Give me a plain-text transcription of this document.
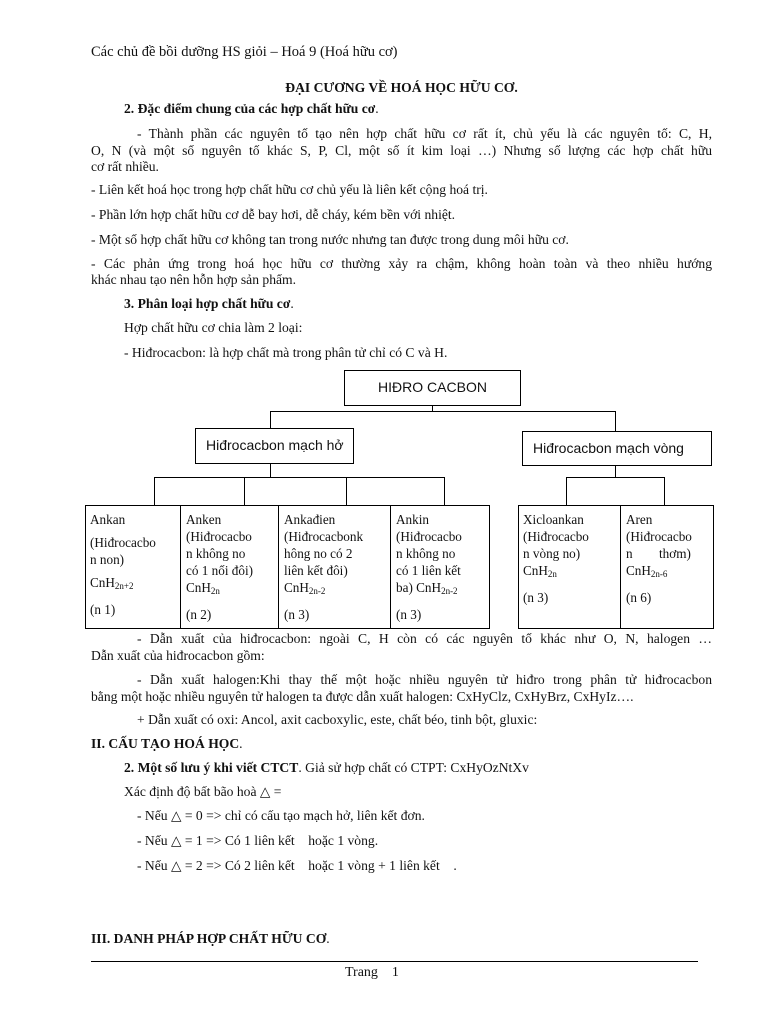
Các chủ đề bồi dưỡng HS giỏi – Hoá 9 (Hoá hữu cơ)
ĐẠI CƯƠNG VỀ HOÁ HỌC HỮU CƠ.
2. Đặc điểm chung của các hợp chất hữu cơ.
- Thành phần các nguyên tố tạo nên hợp chất hữu cơ rất ít, chủ yếu là các nguyên tố: C, H,
O, N (và một số nguyên tố khác S, P, Cl, một số ít kim loại …) Nhưng số lượng các hợp chất hữu
cơ rất nhiều.
- Liên kết hoá học trong hợp chất hữu cơ chủ yếu là liên kết cộng hoá trị.
- Phần lớn hợp chất hữu cơ dễ bay hơi, dễ cháy, kém bền với nhiệt.
- Một số hợp chất hữu cơ không tan trong nước nhưng tan được trong dung môi hữu cơ.
- Các phản ứng trong hoá học hữu cơ thường xảy ra chậm, không hoàn toàn và theo nhiều hướng
khác nhau tạo nên hỗn hợp sản phẩm.
3. Phân loại hợp chất hữu cơ.
Hợp chất hữu cơ chia làm 2 loại:
- Hiđrocacbon: là hợp chất mà trong phân tử chỉ có C và H.
HIĐRO CACBON
Hiđrocacbon mạch hở	Hiđrocacbon mạch vòng
Ankan
(Hiđrocacbo
n non)
CnH$_{2n+2}$
(n 1)
Anken
(Hiđrocacbo
n không no
có 1 nối đôi)
CnH$_{2n}$
(n 2)
Ankađien
(Hiđrocacbonk
hông no có 2
liên kết đôi)
CnH$_{2n-2}$
(n 3)
Ankin
(Hiđrocacbo
n không no
có 1 liên kết
ba) CnH$_{2n-2}$
(n 3)
Xicloankan
(Hiđrocacbo
n vòng no)
CnH$_{2n}$
(n 3)
Aren
(Hiđrocacbo
n        thơm)
CnH$_{2n-6}$
(n 6)
- Dẫn xuất của hiđrocacbon: ngoài C, H còn có các nguyên tố khác như O, N, halogen …
Dẫn xuất của hiđrocacbon gồm:
- Dẫn xuất halogen:Khi thay thế một hoặc nhiều nguyên tử hiđro trong phân tử hiđrocacbon
bằng một hoặc nhiều nguyên tử halogen ta được dẫn xuất halogen: CxHyClz, CxHyBrz, CxHyIz….
+ Dẫn xuất có oxi: Ancol, axit cacboxylic, este, chất béo, tinh bột, gluxic:
II. CẤU TẠO HOÁ HỌC.
2. Một số lưu ý khi viết CTCT. Giả sử hợp chất có CTPT: CxHyOzNtXv
Xác định độ bất bão hoà △ =
- Nếu △ = 0 => chỉ có cấu tạo mạch hở, liên kết đơn.
- Nếu △ = 1 => Có 1 liên kết    hoặc 1 vòng.
- Nếu △ = 2 => Có 2 liên kết    hoặc 1 vòng + 1 liên kết    .
III. DANH PHÁP HỢP CHẤT HỮU CƠ.
Trang    1
